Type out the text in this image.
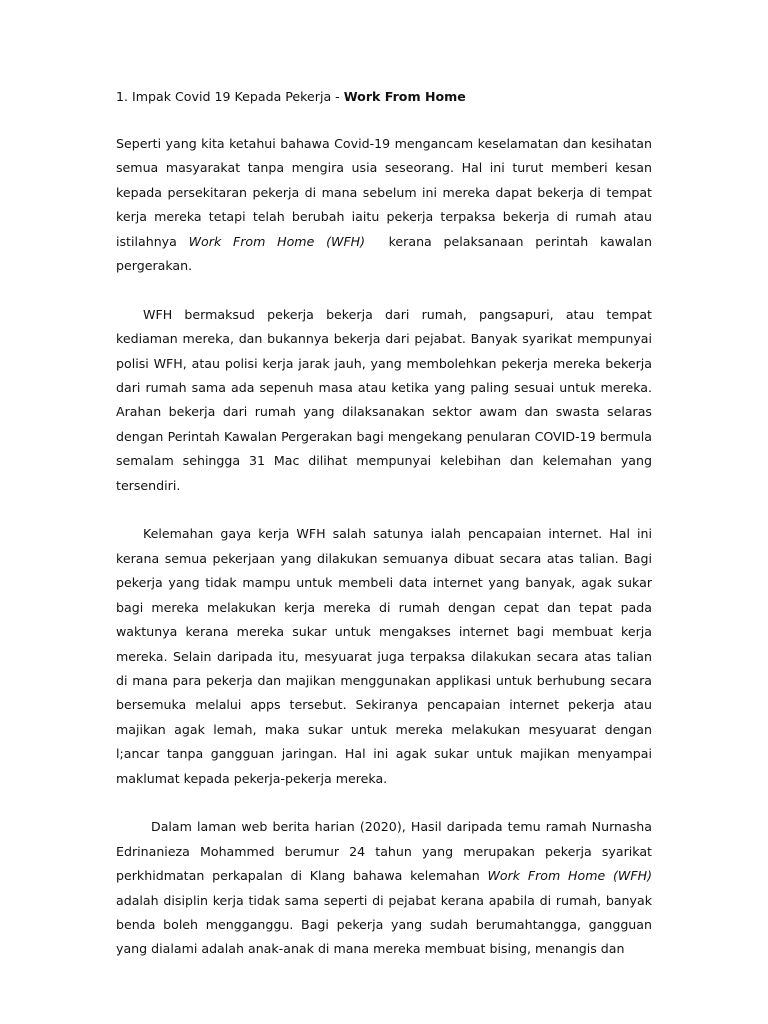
1. Impak Covid 19 Kepada Pekerja - Work From Home

Seperti yang kita ketahui bahawa Covid-19 mengancam keselamatan dan kesihatan semua masyarakat tanpa mengira usia seseorang. Hal ini turut memberi kesan kepada persekitaran pekerja di mana sebelum ini mereka dapat bekerja di tempat kerja mereka tetapi telah berubah iaitu pekerja terpaksa bekerja di rumah atau istilahnya Work From Home (WFH)  kerana pelaksanaan perintah kawalan pergerakan.

WFH bermaksud pekerja bekerja dari rumah, pangsapuri, atau tempat kediaman mereka, dan bukannya bekerja dari pejabat. Banyak syarikat mempunyai polisi WFH, atau polisi kerja jarak jauh, yang membolehkan pekerja mereka bekerja dari rumah sama ada sepenuh masa atau ketika yang paling sesuai untuk mereka. Arahan bekerja dari rumah yang dilaksanakan sektor awam dan swasta selaras dengan Perintah Kawalan Pergerakan bagi mengekang penularan COVID-19 bermula semalam sehingga 31 Mac dilihat mempunyai kelebihan dan kelemahan yang tersendiri.

Kelemahan gaya kerja WFH salah satunya ialah pencapaian internet. Hal ini kerana semua pekerjaan yang dilakukan semuanya dibuat secara atas talian. Bagi pekerja yang tidak mampu untuk membeli data internet yang banyak, agak sukar bagi mereka melakukan kerja mereka di rumah dengan cepat dan tepat pada waktunya kerana mereka sukar untuk mengakses internet bagi membuat kerja mereka. Selain daripada itu, mesyuarat juga terpaksa dilakukan secara atas talian di mana para pekerja dan majikan menggunakan applikasi untuk berhubung secara bersemuka melalui apps tersebut. Sekiranya pencapaian internet pekerja atau majikan agak lemah, maka sukar untuk mereka melakukan mesyuarat dengan l;ancar tanpa gangguan jaringan. Hal ini agak sukar untuk majikan menyampai maklumat kepada pekerja-pekerja mereka.

Dalam laman web berita harian (2020), Hasil daripada temu ramah Nurnasha Edrinanieza Mohammed berumur 24 tahun yang merupakan pekerja syarikat perkhidmatan perkapalan di Klang bahawa kelemahan Work From Home (WFH) adalah disiplin kerja tidak sama seperti di pejabat kerana apabila di rumah, banyak benda boleh mengganggu. Bagi pekerja yang sudah berumahtangga, gangguan yang dialami adalah anak-anak di mana mereka membuat bising, menangis dan
